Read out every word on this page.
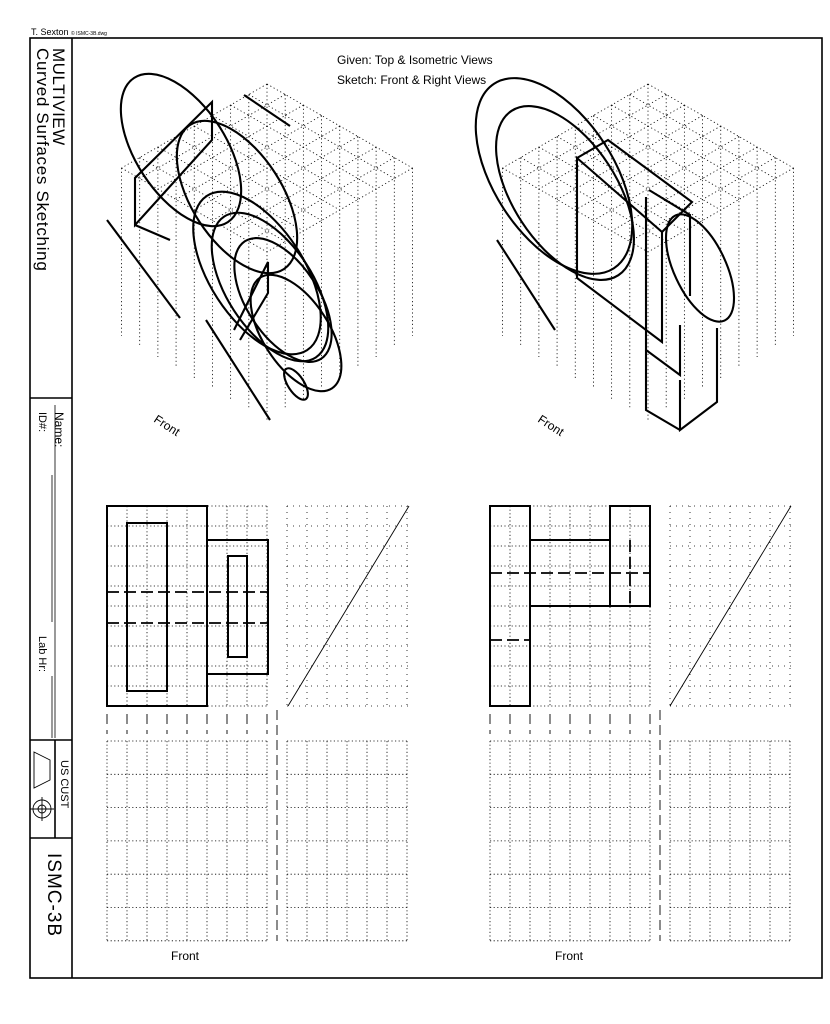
T. Sexton © ISMC-3B.dwg
MULTIVIEW
Curved Surfaces Sketching
Name:
ID#:
Lab Hr:
US CUST
ISMC-3B
Given: Top & Isometric Views
Sketch: Front & Right Views
Front	Front
Front	Front
